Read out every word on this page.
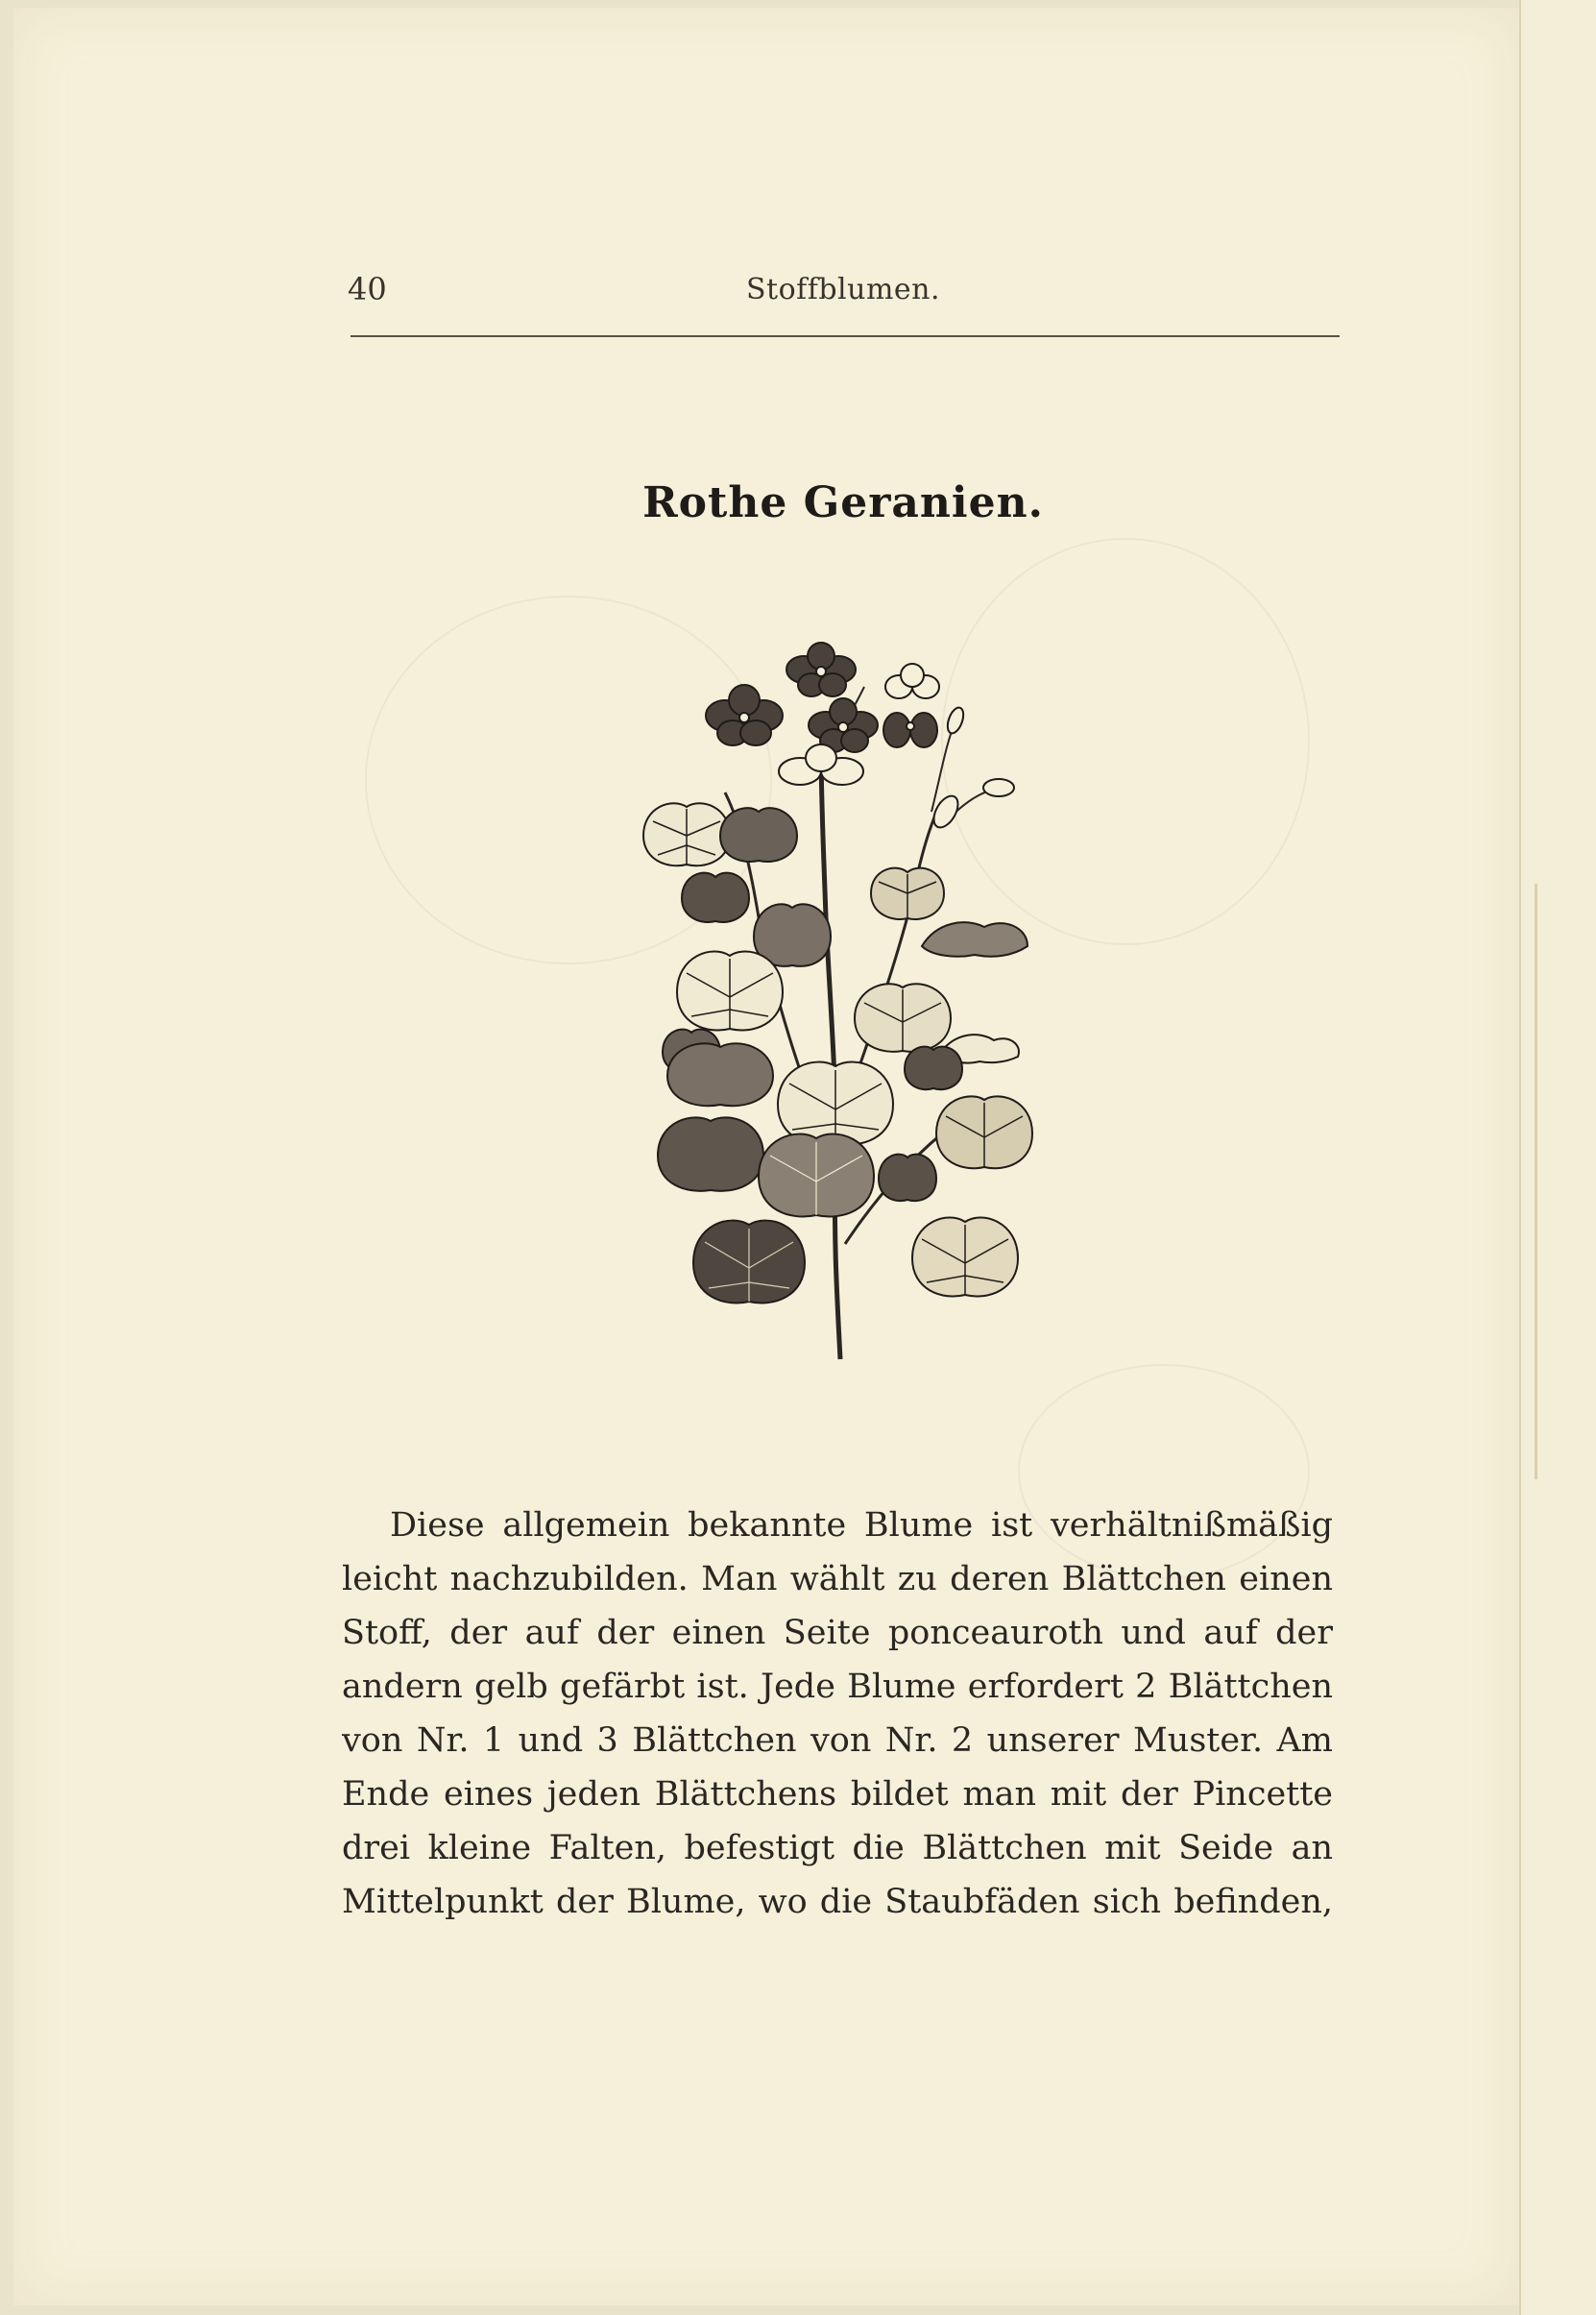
40	Stoffblumen.
Rothe Geranien.
Diese allgemein bekannte Blume ist verhältnißmäßig
leicht nachzubilden. Man wählt zu deren Blättchen einen
Stoff, der auf der einen Seite ponceauroth und auf der
andern gelb gefärbt ist. Jede Blume erfordert 2 Blättchen
von Nr. 1 und 3 Blättchen von Nr. 2 unserer Muster. Am
Ende eines jeden Blättchens bildet man mit der Pincette
drei kleine Falten, befestigt die Blättchen mit Seide an
Mittelpunkt der Blume, wo die Staubfäden sich befinden,
